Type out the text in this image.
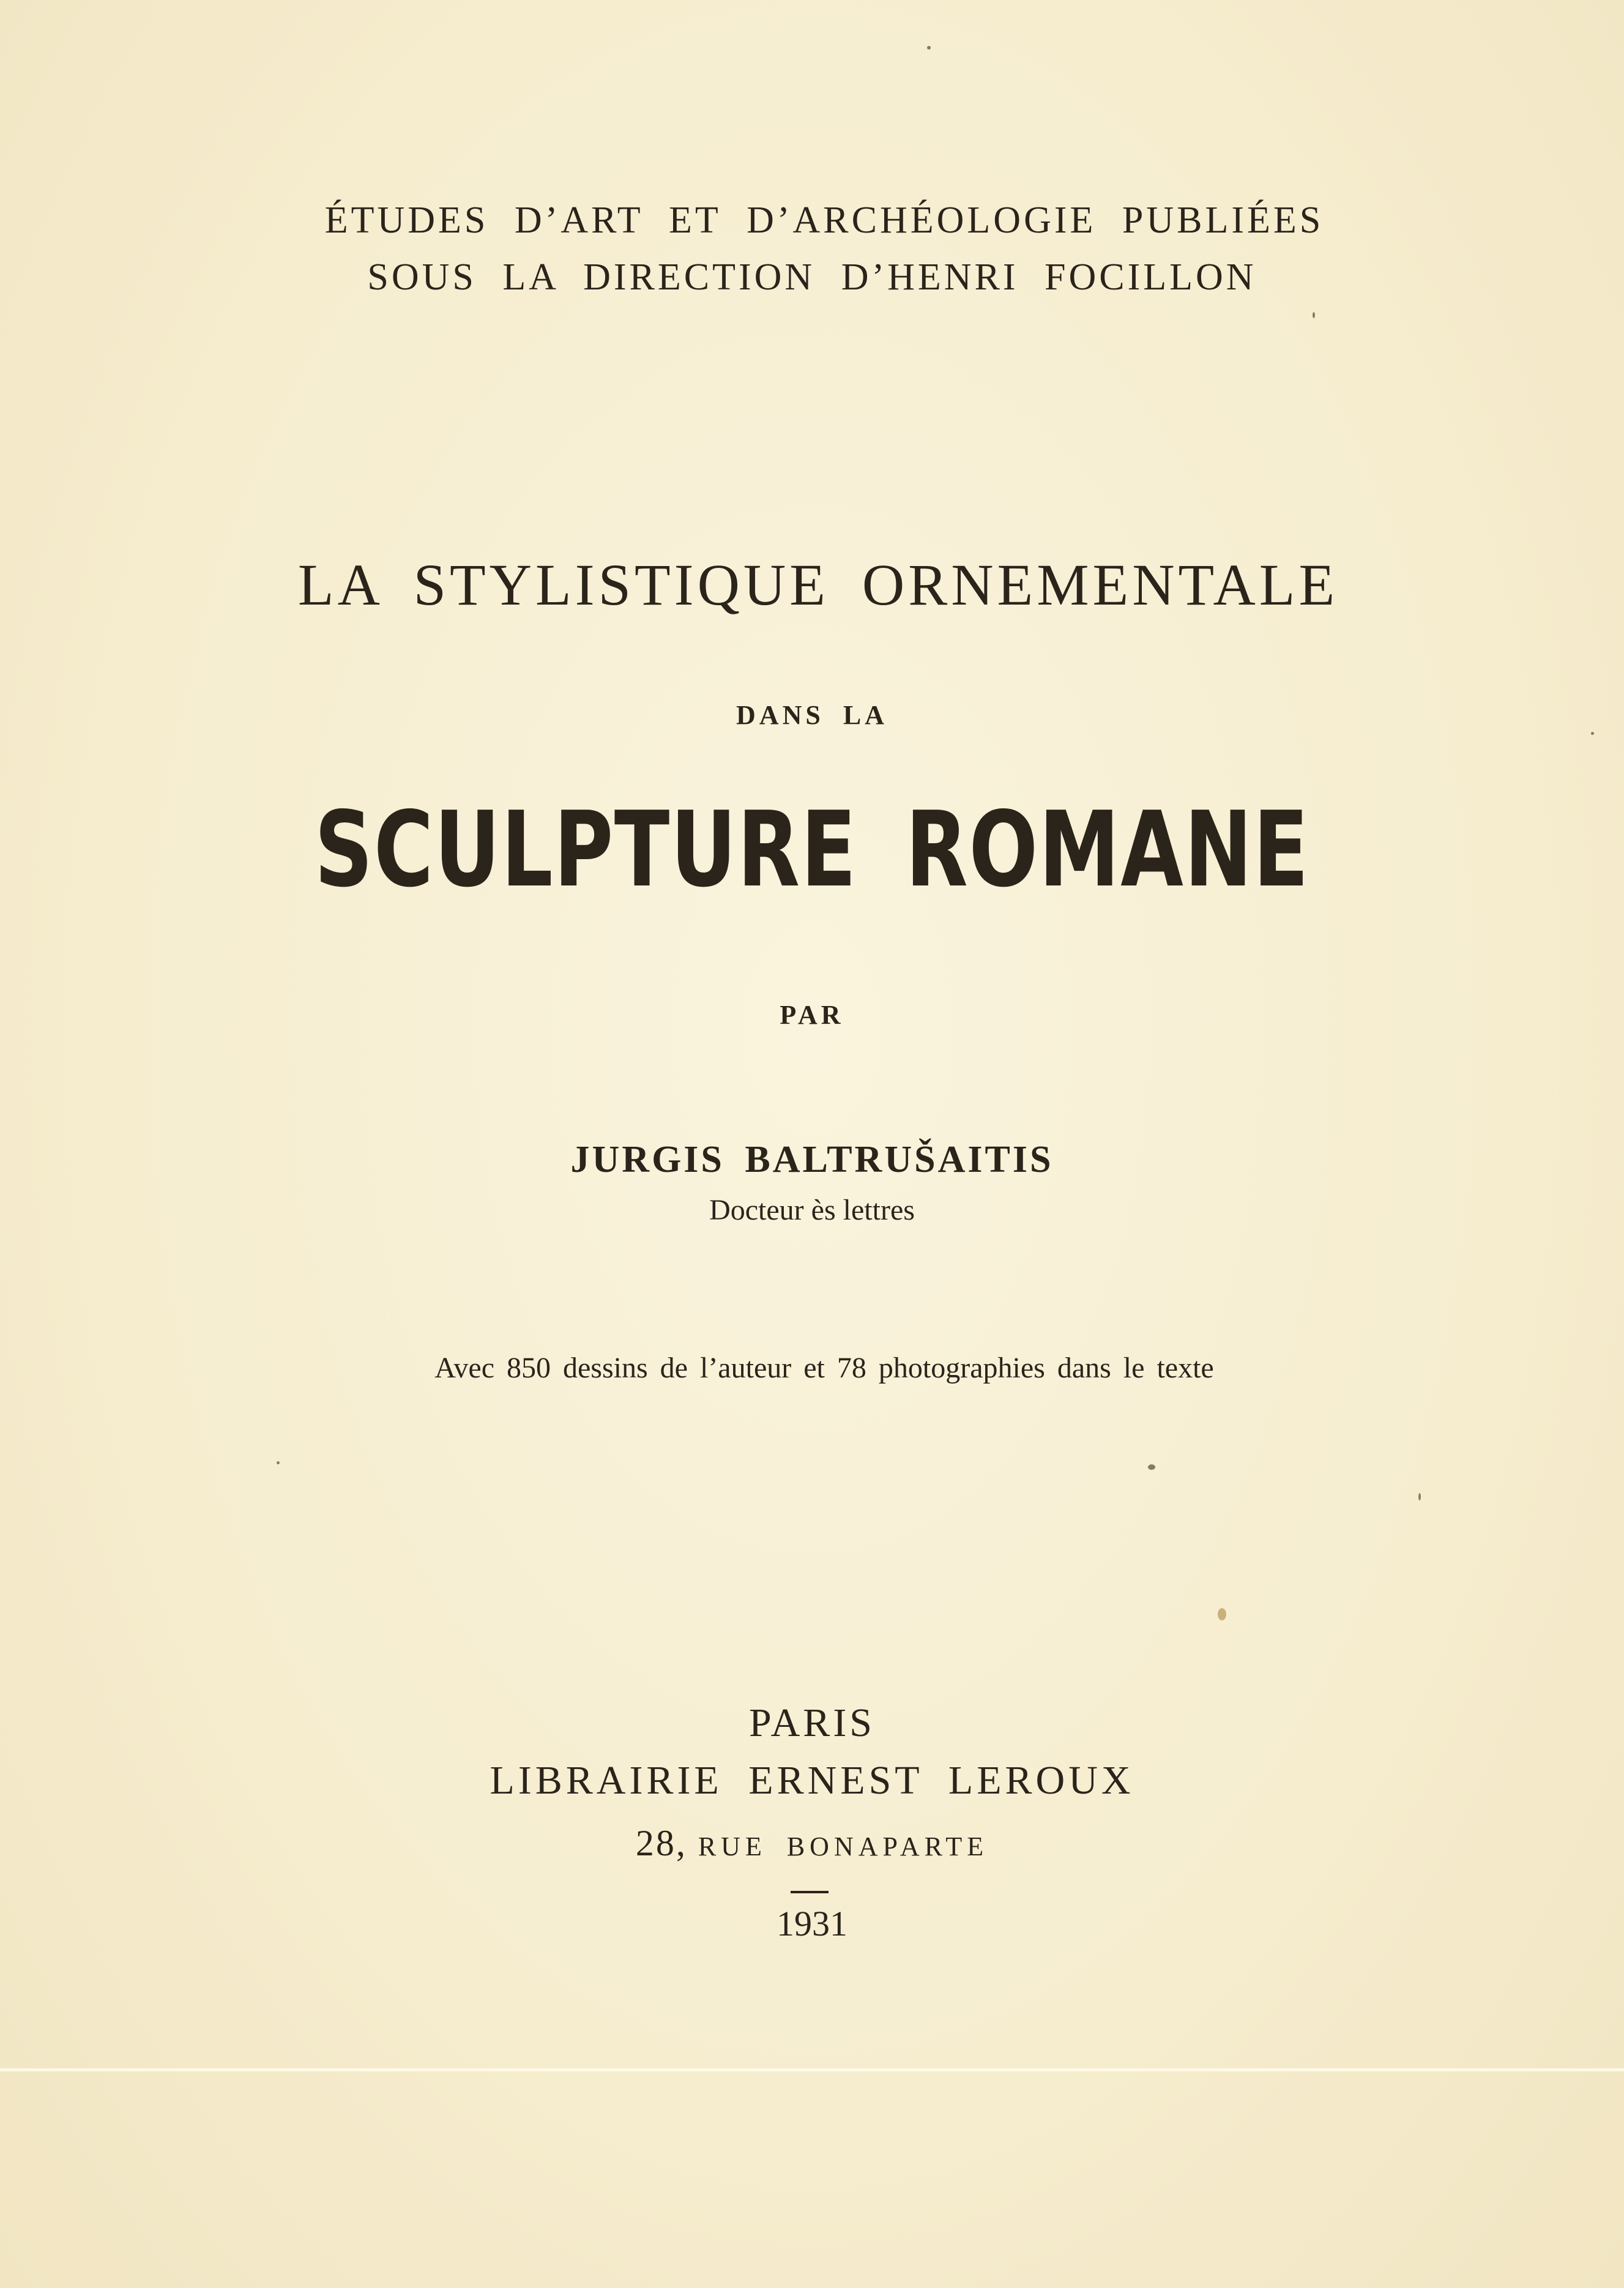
ÉTUDES D’ART ET D’ARCHÉOLOGIE PUBLIÉES
SOUS LA DIRECTION D’HENRI FOCILLON
LA STYLISTIQUE ORNEMENTALE
DANS LA
SCULPTURE ROMANE
PAR
JURGIS BALTRUŠAITIS
Docteur ès lettres
Avec 850 dessins de l’auteur et 78 photographies dans le texte
PARIS
LIBRAIRIE ERNEST LEROUX
28, RUE BONAPARTE
1931
